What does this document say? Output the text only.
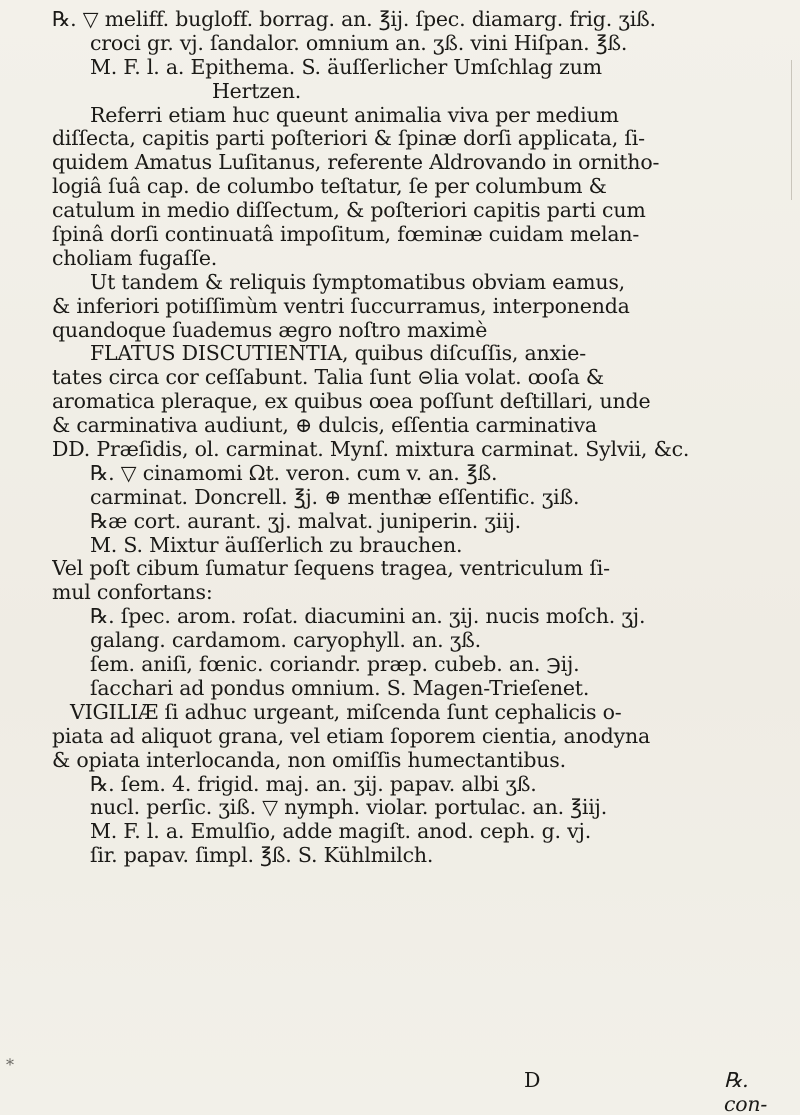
℞. ▽ meliff. bugloff. borrag. an. ℥ij. ſpec. diamarg. frig. ʒiß.
croci gr. vj. ſandalor. omnium an. ʒß. vini Hiſpan. ℥ß.
M. F. l. a. Epithema. S. äuſſerlicher Umſchlag zum
Hertzen.
Referri etiam huc queunt animalia viva per medium
diſſecta, capitis parti poſteriori & ſpinæ dorſi applicata, ſi-
quidem Amatus Luſitanus, referente Aldrovando in ornitho-
logiâ ſuâ cap. de columbo teſtatur, ſe per columbum &
catulum in medio diſſectum, & poſteriori capitis parti cum
ſpinâ dorſi continuatâ impoſitum, fœminæ cuidam melan-
choliam fugaſſe.
Ut tandem & reliquis ſymptomatibus obviam eamus,
& inferiori potiſſimùm ventri ſuccurramus, interponenda
quandoque ſuademus ægro noſtro maximè
FLATUS DISCUTIENTIA, quibus diſcuſſis, anxie-
tates circa cor ceſſabunt. Talia ſunt ⊝lia volat. ꝏoſa &
aromatica pleraque, ex quibus ꝏea poſſunt deſtillari, unde
& carminativa audiunt, ⊕ dulcis, eſſentia carminativa
DD. Præſidis, ol. carminat. Mynſ. mixtura carminat. Sylvii, &c.
℞. ▽ cinamomi Ωt. veron. cum v. an. ℥ß.
carminat. Doncrell. ℥j. ⊕ menthæ eſſentific. ʒiß.
℞æ cort. aurant. ʒj. malvat. juniperin. ʒiij.
M. S. Mixtur äuſſerlich zu brauchen.
Vel poſt cibum ſumatur ſequens tragea, ventriculum ſi-
mul confortans:
℞. ſpec. arom. roſat. diacumini an. ʒij. nucis moſch. ʒj.
galang. cardamom. caryophyll. an. ʒß.
ſem. aniſi, fœnic. coriandr. præp. cubeb. an. ℈ij.
ſacchari ad pondus omnium. S. Magen-Trieſenet.
VIGILIÆ ſi adhuc urgeant, miſcenda ſunt cephalicis o-
piata ad aliquot grana, vel etiam ſoporem cientia, anodyna
& opiata interlocanda, non omiſſis humectantibus.
℞. ſem. 4. frigid. maj. an. ʒij. papav. albi ʒß.
nucl. perſic. ʒiß. ▽ nymph. violar. portulac. an. ℥iij.
M. F. l. a. Emulſio, adde magiſt. anod. ceph. g. vj.
ſir. papav. ſimpl. ℥ß. S. Kühlmilch.
D	℞. con-
⁎
